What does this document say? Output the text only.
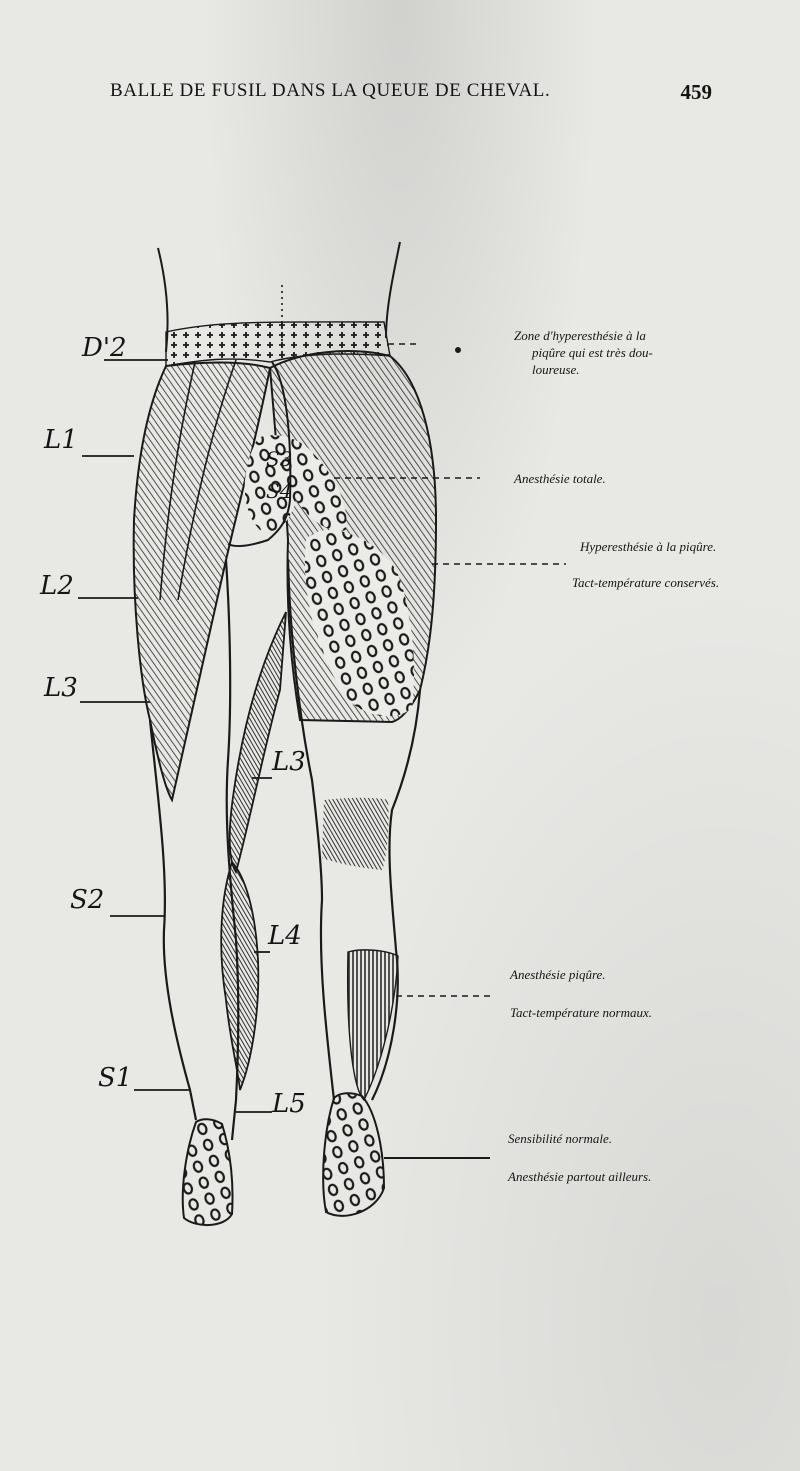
BALLE DE FUSIL DANS LA QUEUE DE CHEVAL.	459
D'2
L1
L2
L3
S2
S1
L3
L4
L5
S3
S4
Zone d'hyperesthésie à la
piqûre qui est très dou-
loureuse.
Anesthésie totale.
Hyperesthésie à la piqûre.
Tact-température conservés.
Anesthésie piqûre.
Tact-température normaux.
Sensibilité normale.
Anesthésie partout ailleurs.
